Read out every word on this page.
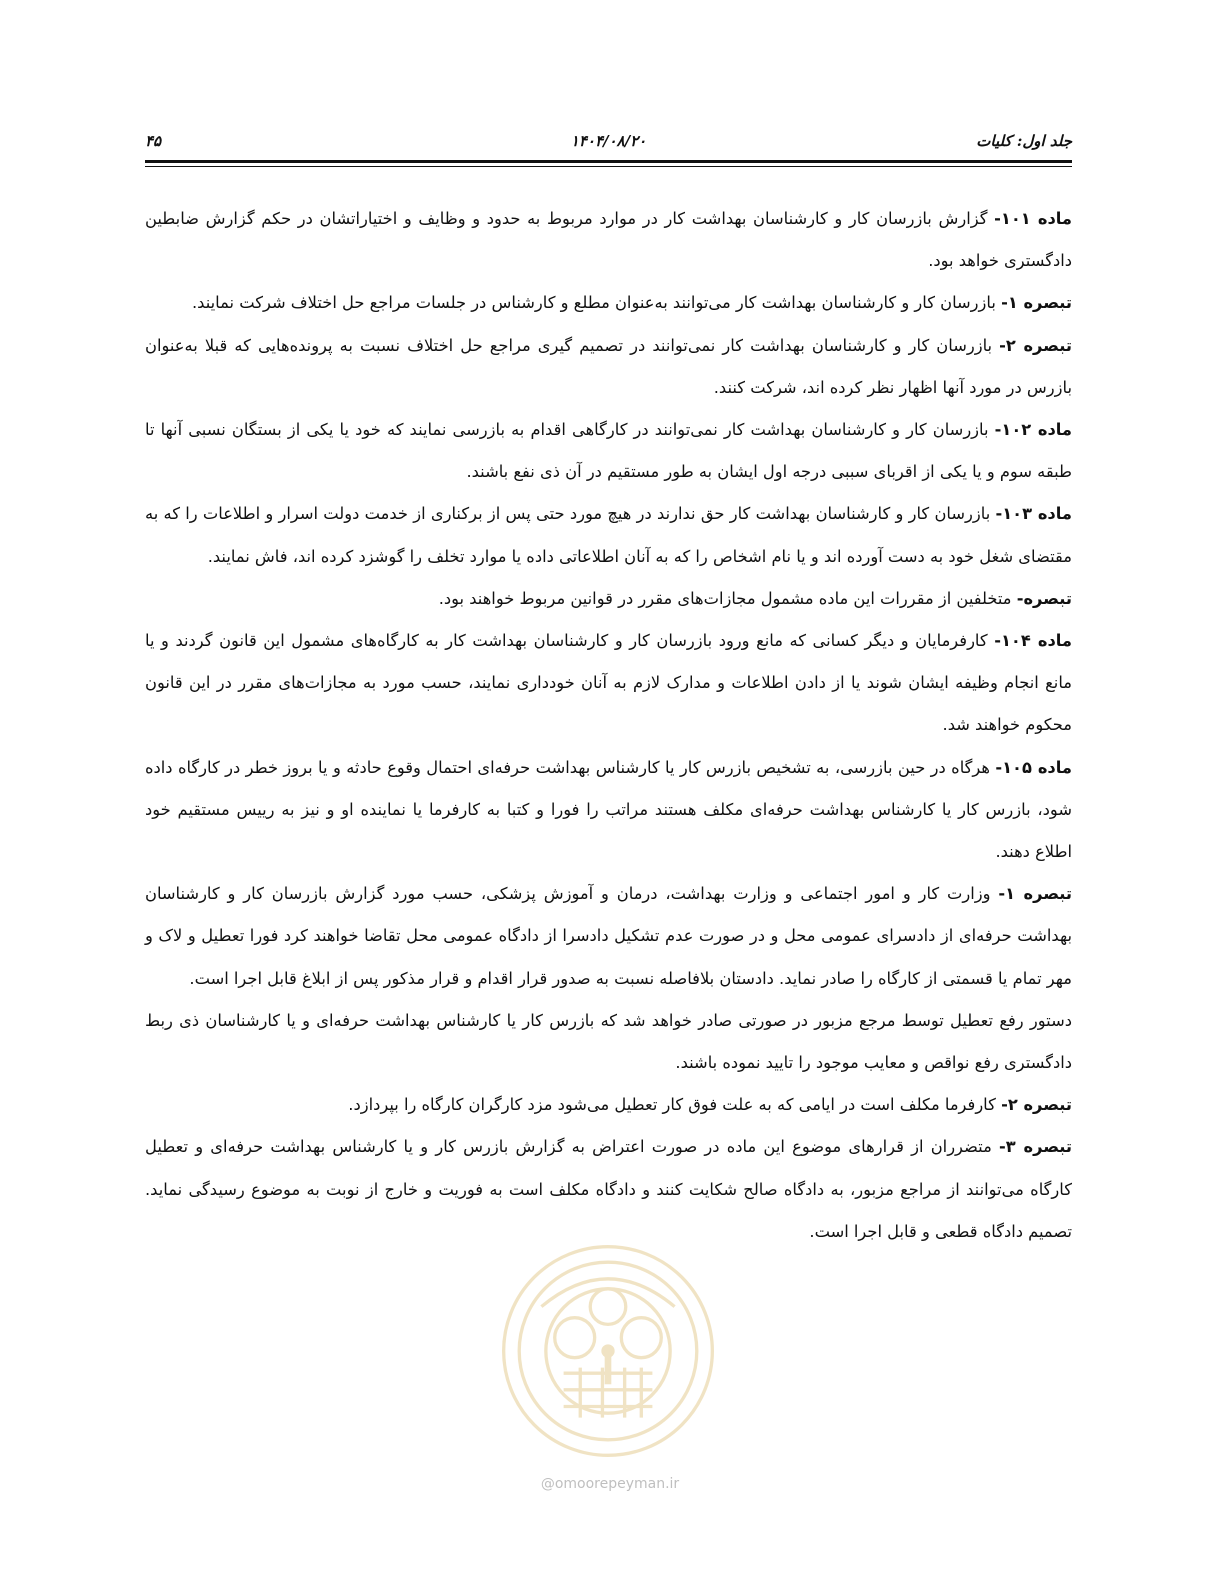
جلد اول: کلیات
۱۴۰۴/۰۸/۲۰
۴۵

ماده ۱۰۱- گزارش بازرسان کار و کارشناسان بهداشت کار در موارد مربوط به حدود و وظایف و اختیاراتشان در حکم گزارش ضابطین دادگستری خواهد بود.

تبصره ۱- بازرسان کار و کارشناسان بهداشت کار می‌توانند به‌عنوان مطلع و کارشناس در جلسات مراجع حل اختلاف شرکت نمایند.

تبصره ۲- بازرسان کار و کارشناسان بهداشت کار نمی‌توانند در تصمیم گیری مراجع حل اختلاف نسبت به پرونده‌هایی که قبلا به‌عنوان بازرس در مورد آنها اظهار نظر کرده اند، شرکت کنند.

ماده ۱۰۲- بازرسان کار و کارشناسان بهداشت کار نمی‌توانند در کارگاهی اقدام به بازرسی نمایند که خود یا یکی از بستگان نسبی آنها تا طبقه سوم و یا یکی از اقربای سببی درجه اول ایشان به طور مستقیم در آن ذی نفع باشند.

ماده ۱۰۳- بازرسان کار و کارشناسان بهداشت کار حق ندارند در هیچ مورد حتی پس از برکناری از خدمت دولت اسرار و اطلاعات را که به مقتضای شغل خود به دست آورده اند و یا نام اشخاص را که به آنان اطلاعاتی داده یا موارد تخلف را گوشزد کرده اند، فاش نمایند.

تبصره- متخلفین از مقررات این ماده مشمول مجازات‌های مقرر در قوانین مربوط خواهند بود.

ماده ۱۰۴- کارفرمایان و دیگر کسانی که مانع ورود بازرسان کار و کارشناسان بهداشت کار به کارگاه‌های مشمول این قانون گردند و یا مانع انجام وظیفه ایشان شوند یا از دادن اطلاعات و مدارک لازم به آنان خودداری نمایند، حسب مورد به مجازات‌های مقرر در این قانون محکوم خواهند شد.

ماده ۱۰۵- هرگاه در حین بازرسی، به تشخیص بازرس کار یا کارشناس بهداشت حرفه‌ای احتمال وقوع حادثه و یا بروز خطر در کارگاه داده شود، بازرس کار یا کارشناس بهداشت حرفه‌ای مکلف هستند مراتب را فورا و کتبا به کارفرما یا نماینده او و نیز به رییس مستقیم خود اطلاع دهند.

تبصره ۱- وزارت کار و امور اجتماعی و وزارت بهداشت، درمان و آموزش پزشکی، حسب مورد گزارش بازرسان کار و کارشناسان بهداشت حرفه‌ای از دادسرای عمومی محل و در صورت عدم تشکیل دادسرا از دادگاه عمومی محل تقاضا خواهند کرد فورا تعطیل و لاک و مهر تمام یا قسمتی از کارگاه را صادر نماید. دادستان بلافاصله نسبت به صدور قرار اقدام و قرار مذکور پس از ابلاغ قابل اجرا است.

دستور رفع تعطیل توسط مرجع مزبور در صورتی صادر خواهد شد که بازرس کار یا کارشناس بهداشت حرفه‌ای و یا کارشناسان ذی ربط دادگستری رفع نواقص و معایب موجود را تایید نموده باشند.

تبصره ۲- کارفرما مکلف است در ایامی که به علت فوق کار تعطیل می‌شود مزد کارگران کارگاه را بپردازد.

تبصره ۳- متضرران از قرارهای موضوع این ماده در صورت اعتراض به گزارش بازرس کار و یا کارشناس بهداشت حرفه‌ای و تعطیل کارگاه می‌توانند از مراجع مزبور، به دادگاه صالح شکایت کنند و دادگاه مکلف است به فوریت و خارج از نوبت به موضوع رسیدگی نماید. تصمیم دادگاه قطعی و قابل اجرا است.

@omoorepeyman.ir
